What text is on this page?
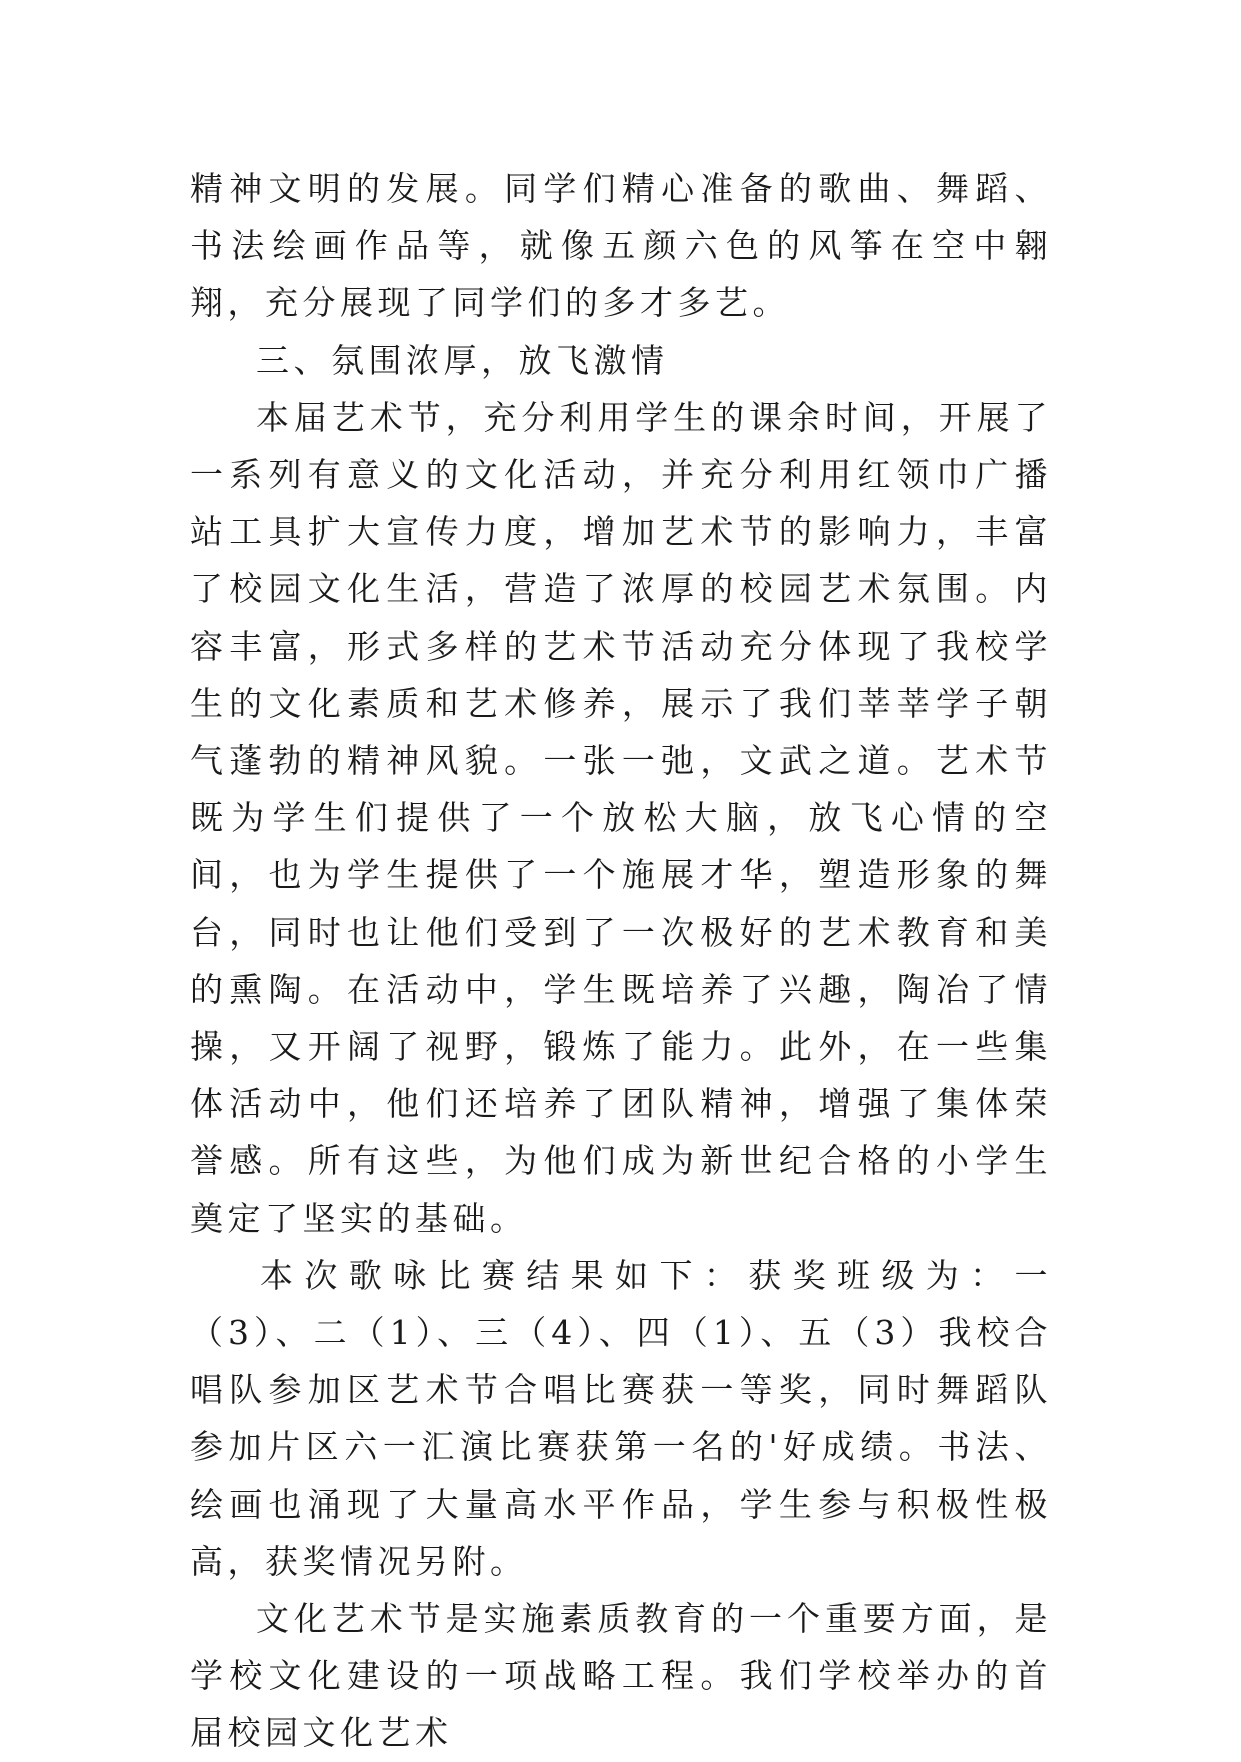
精神文明的发展。同学们精心准备的歌曲、舞蹈、书法绘画作品等，就像五颜六色的风筝在空中翱翔，充分展现了同学们的多才多艺。

三、氛围浓厚，放飞激情

本届艺术节，充分利用学生的课余时间，开展了一系列有意义的文化活动，并充分利用红领巾广播站工具扩大宣传力度，增加艺术节的影响力，丰富了校园文化生活，营造了浓厚的校园艺术氛围。内容丰富，形式多样的艺术节活动充分体现了我校学生的文化素质和艺术修养，展示了我们莘莘学子朝气蓬勃的精神风貌。一张一弛，文武之道。艺术节既为学生们提供了一个放松大脑，放飞心情的空间，也为学生提供了一个施展才华，塑造形象的舞台，同时也让他们受到了一次极好的艺术教育和美的熏陶。在活动中，学生既培养了兴趣，陶冶了情操，又开阔了视野，锻炼了能力。此外，在一些集体活动中，他们还培养了团队精神，增强了集体荣誉感。所有这些，为他们成为新世纪合格的小学生奠定了坚实的基础。

本次歌咏比赛结果如下：获奖班级为：一（3）、二（1）、三（4）、四（1）、五（3）我校合唱队参加区艺术节合唱比赛获一等奖，同时舞蹈队参加片区六一汇演比赛获第一名的'好成绩。书法、绘画也涌现了大量高水平作品，学生参与积极性极高，获奖情况另附。

文化艺术节是实施素质教育的一个重要方面，是学校文化建设的一项战略工程。我们学校举办的首届校园文化艺术
